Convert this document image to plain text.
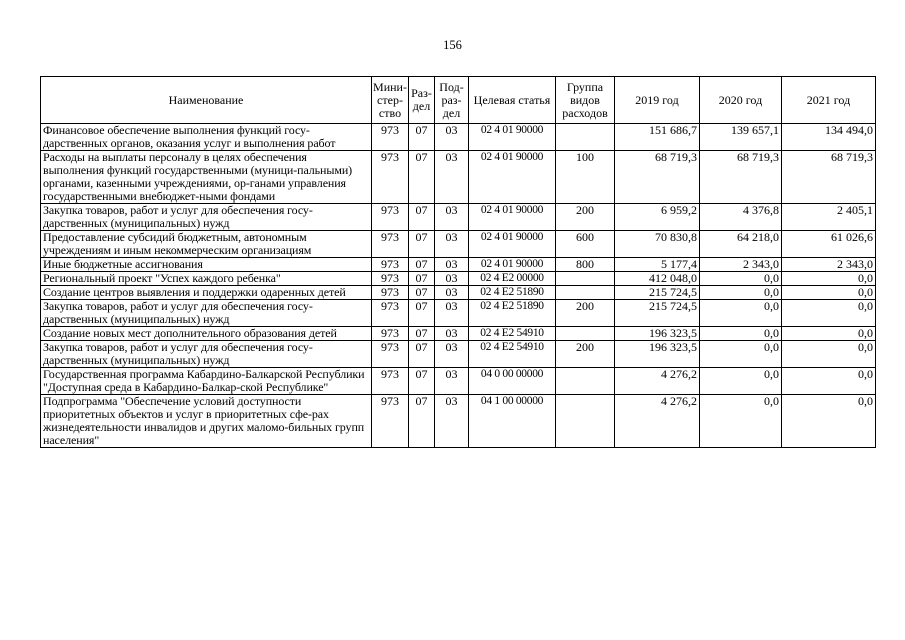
156
Наименование	Мини-стер-ство	Раз-дел	Под-раз-дел	Целевая статья	Группа видов расходов	2019 год	2020 год	2021 год
Финансовое обеспечение выполнения функций госу-дарственных органов, оказания услуг и выполнения работ	973	07	03	02 4 01 90000		151 686,7	139 657,1	134 494,0
Расходы на выплаты персоналу в целях обеспечения выполнения функций государственными (муници-пальными) органами, казенными учреждениями, ор-ганами управления государственными внебюджет-ными фондами	973	07	03	02 4 01 90000	100	68 719,3	68 719,3	68 719,3
Закупка товаров, работ и услуг для обеспечения госу-дарственных (муниципальных) нужд	973	07	03	02 4 01 90000	200	6 959,2	4 376,8	2 405,1
Предоставление субсидий бюджетным, автономным учреждениям и иным некоммерческим организациям	973	07	03	02 4 01 90000	600	70 830,8	64 218,0	61 026,6
Иные бюджетные ассигнования	973	07	03	02 4 01 90000	800	5 177,4	2 343,0	2 343,0
Региональный проект "Успех каждого ребенка"	973	07	03	02 4 E2 00000		412 048,0	0,0	0,0
Создание центров выявления и поддержки одаренных детей	973	07	03	02 4 E2 51890		215 724,5	0,0	0,0
Закупка товаров, работ и услуг для обеспечения госу-дарственных (муниципальных) нужд	973	07	03	02 4 E2 51890	200	215 724,5	0,0	0,0
Создание новых мест дополнительного образования детей	973	07	03	02 4 E2 54910		196 323,5	0,0	0,0
Закупка товаров, работ и услуг для обеспечения госу-дарственных (муниципальных) нужд	973	07	03	02 4 E2 54910	200	196 323,5	0,0	0,0
Государственная программа Кабардино-Балкарской Республики "Доступная среда в Кабардино-Балкар-ской Республике"	973	07	03	04 0 00 00000		4 276,2	0,0	0,0
Подпрограмма "Обеспечение условий доступности приоритетных объектов и услуг в приоритетных сфе-рах жизнедеятельности инвалидов и других маломо-бильных групп населения"	973	07	03	04 1 00 00000		4 276,2	0,0	0,0
